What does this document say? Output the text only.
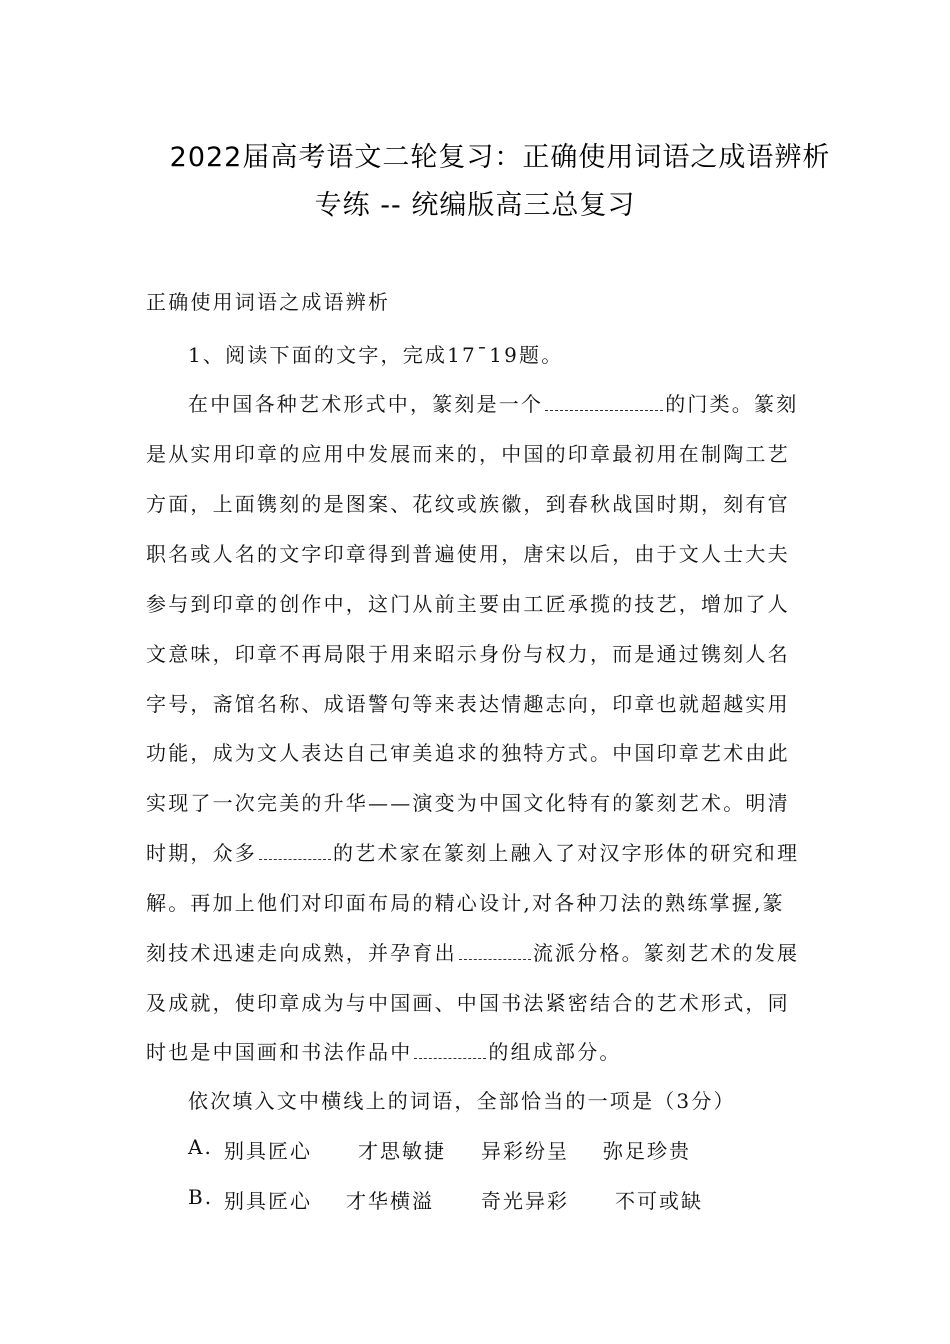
2022届高考语文二轮复习：正确使用词语之成语辨析
专练 -- 统编版高三总复习
正确使用词语之成语辨析
1、阅读下面的文字，完成17¯19题。
在中国各种艺术形式中，篆刻是一个	的门类。篆刻
是从实用印章的应用中发展而来的，中国的印章最初用在制陶工艺
方面，上面镌刻的是图案、花纹或族徽，到春秋战国时期，刻有官
职名或人名的文字印章得到普遍使用，唐宋以后，由于文人士大夫
参与到印章的创作中，这门从前主要由工匠承揽的技艺，增加了人
文意味，印章不再局限于用来昭示身份与权力，而是通过镌刻人名
字号，斋馆名称、成语警句等来表达情趣志向，印章也就超越实用
功能，成为文人表达自己审美追求的独特方式。中国印章艺术由此
实现了一次完美的升华——演变为中国文化特有的篆刻艺术。明清
时期，众多	的艺术家在篆刻上融入了对汉字形体的研究和理
解。再加上他们对印面布局的精心设计,对各种刀法的熟练掌握,篆
刻技术迅速走向成熟，并孕育出	流派分格。篆刻艺术的发展
及成就，使印章成为与中国画、中国书法紧密结合的艺术形式，同
时也是中国画和书法作品中	的组成部分。
依次填入文中横线上的词语，全部恰当的一项是（3分）
A. 别具匠心 才思敏捷 异彩纷呈 弥足珍贵
B. 别具匠心 才华横溢 奇光异彩 不可或缺
